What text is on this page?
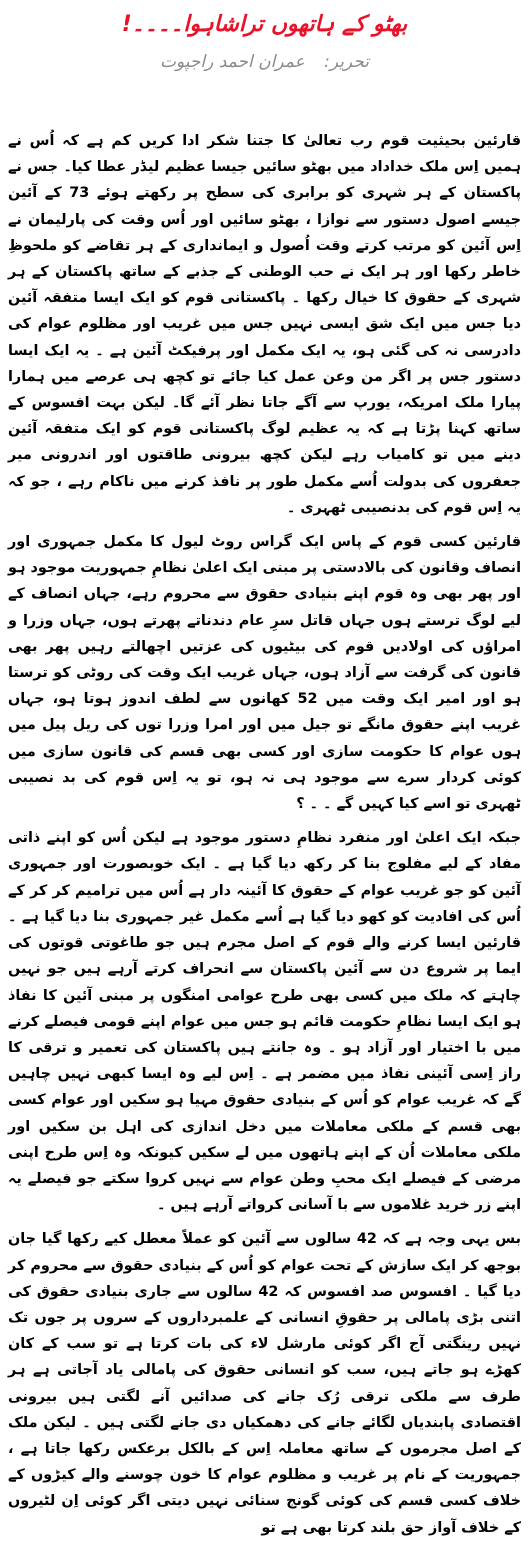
بھٹو کے ہاتھوں تراشاہوا۔۔۔۔!
تحریر: عمران احمد راجپوت

قارئین بحیثیت قوم رب تعالیٰ کا جتنا شکر ادا کریں کم ہے کہ اُس نے ہمیں اِس ملک خداداد میں بھٹو سائیں جیسا عظیم لیڈر عطا کیا۔ جس نے پاکستان کے ہر شہری کو برابری کی سطح پر رکھتے ہوئے 73 کے آئین جیسے اصول دستور سے نوازا ، بھٹو سائیں اور اُس وقت کی پارلیمان نے اِس آئین کو مرتب کرتے وقت اُصول و ایمانداری کے ہر تقاضے کو ملحوظِ خاطر رکھا اور ہر ایک نے حب الوطنی کے جذبے کے ساتھ پاکستان کے ہر شہری کے حقوق کا خیال رکھا ۔ پاکستانی قوم کو ایک ایسا متفقہ آئین دیا جس میں ایک شق ایسی نہیں جس میں غریب اور مظلوم عوام کی دادرسی نہ کی گئی ہو، یہ ایک مکمل اور پرفیکٹ آئین ہے ۔ یہ ایک ایسا دستور جس پر اگر من وعن عمل کیا جائے تو کچھ ہی عرصے میں ہمارا پیارا ملک امریکہ، یورپ سے آگے جاتا نظر آئے گا۔ لیکن بہت افسوس کے ساتھ کہنا پڑتا ہے کہ یہ عظیم لوگ پاکستانی قوم کو ایک متفقہ آئین دینے میں تو کامیاب رہے لیکن کچھ بیرونی طاقتوں اور اندرونی میر جعفروں کی بدولت اُسے مکمل طور پر نافذ کرنے میں ناکام رہے ، جو کہ یہ اِس قوم کی بدنصیبی ٹھہری ۔

قارئین کسی قوم کے پاس ایک گراس روٹ لیول کا مکمل جمہوری اور انصاف وقانون کی بالادستی پر مبنی ایک اعلیٰ نظامِ جمہوریت موجود ہو اور پھر بھی وہ قوم اپنے بنیادی حقوق سے محروم رہے، جہاں انصاف کے لیے لوگ ترستے ہوں جہاں قاتل سرِ عام دندناتے پھرتے ہوں، جہاں وزرا و امراؤں کی اولادیں قوم کی بیٹیوں کی عزتیں اچھالتے رہیں پھر بھی قانون کی گرفت سے آزاد ہوں، جہاں غریب ایک وقت کی روٹی کو ترستا ہو اور امیر ایک وقت میں 52 کھانوں سے لطف اندوز ہوتا ہو، جہاں غریب اپنے حقوق مانگے تو جیل میں اور امرا وزرا توں کی ریل پیل میں ہوں عوام کا حکومت سازی اور کسی بھی قسم کی قانون سازی میں کوئی کردار سرے سے موجود ہی نہ ہو، تو یہ اِس قوم کی بد نصیبی ٹھہری تو اسے کیا کہیں گے ۔ ۔ ؟

جبکہ ایک اعلیٰ اور منفرد نظامِ دستور موجود ہے لیکن اُس کو اپنے ذاتی مفاد کے لیے مفلوج بنا کر رکھ دیا گیا ہے ۔ ایک خوبصورت اور جمہوری آئین کو جو غریب عوام کے حقوق کا آئینہ دار ہے اُس میں ترامیم کر کر کے اُس کی افادیت کو کھو دیا گیا ہے اُسے مکمل غیر جمہوری بنا دیا گیا ہے ۔ قارئین ایسا کرنے والے قوم کے اصل مجرم ہیں جو طاغوتی قوتوں کی ایما پر شروع دن سے آئین پاکستان سے انحراف کرتے آرہے ہیں جو نہیں چاہتے کہ ملک میں کسی بھی طرح عوامی امنگوں پر مبنی آئین کا نفاذ ہو ایک ایسا نظامِ حکومت قائم ہو جس میں عوام اپنے قومی فیصلے کرنے میں با اختیار اور آزاد ہو ۔ وہ جانتے ہیں پاکستان کی تعمیر و ترقی کا راز اِسی آئینی نفاذ میں مضمر ہے ۔ اِس لیے وہ ایسا کبھی نہیں چاہیں گے کہ غریب عوام کو اُس کے بنیادی حقوق مہیا ہو سکیں اور عوام کسی بھی قسم کے ملکی معاملات میں دخل اندازی کی اہل بن سکیں اور ملکی معاملات اُن کے اپنے ہاتھوں میں لے سکیں کیونکہ وہ اِس طرح اپنی مرضی کے فیصلے ایک محبِ وطن عوام سے نہیں کروا سکتے جو فیصلے یہ اپنے زر خرید غلاموں سے با آسانی کرواتے آرہے ہیں ۔

بس یہی وجہ ہے کہ 42 سالوں سے آئین کو عملاً معطل کیے رکھا گیا جان بوجھ کر ایک سازش کے تحت عوام کو اُس کے بنیادی حقوق سے محروم کر دیا گیا ۔ افسوس صد افسوس کہ 42 سالوں سے جاری بنیادی حقوق کی اتنی بڑی پامالی پر حقوقِ انسانی کے علمبرداروں کے سروں پر جوں تک نہیں رینگتی آج اگر کوئی مارشل لاء کی بات کرتا ہے تو سب کے کان کھڑے ہو جاتے ہیں، سب کو انسانی حقوق کی پامالی یاد آجاتی ہے ہر طرف سے ملکی ترقی رُک جانے کی صدائیں آنے لگتی ہیں بیرونی اقتصادی پابندیاں لگائے جانے کی دھمکیاں دی جانے لگتی ہیں ۔ لیکن ملک کے اصل مجرموں کے ساتھ معاملہ اِس کے بالکل برعکس رکھا جاتا ہے ، جمہوریت کے نام پر غریب و مظلوم عوام کا خون چوسنے والے کیڑوں کے خلاف کسی قسم کی کوئی گونج سنائی نہیں دیتی اگر کوئی اِن لٹیروں کے خلاف آواز حق بلند کرتا بھی ہے تو
